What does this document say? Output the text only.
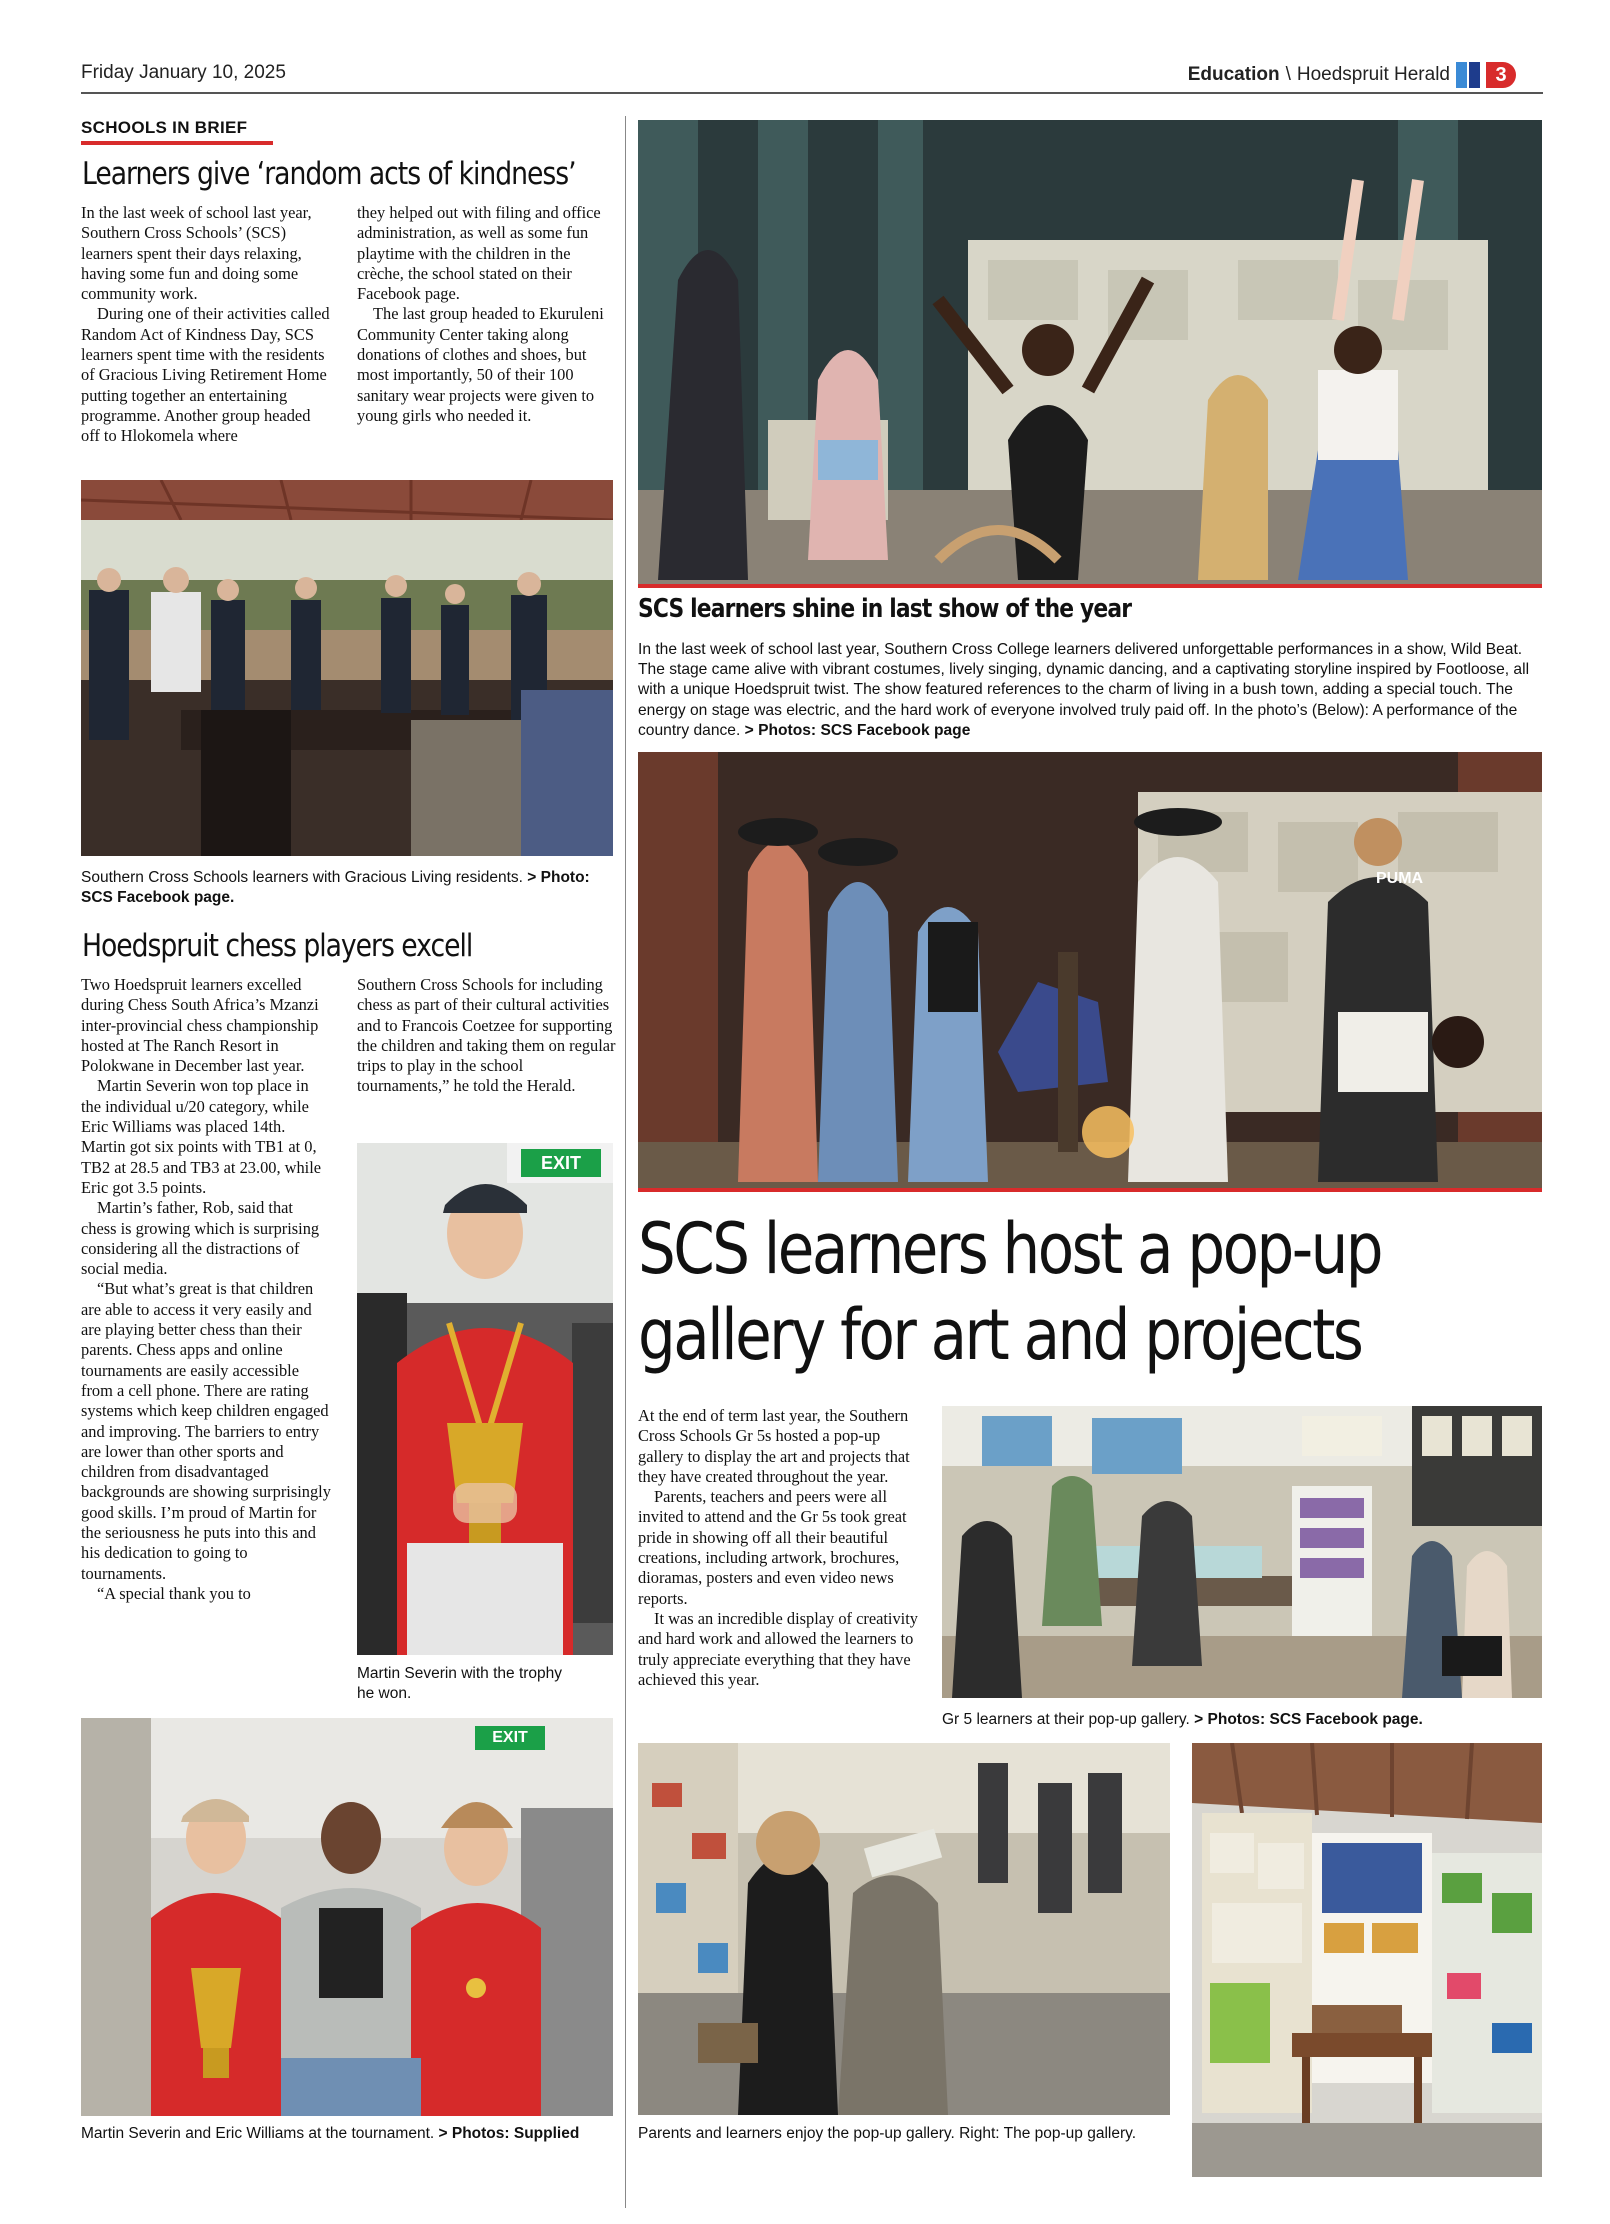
Friday January 10, 2025	Education \ Hoedspruit Herald	3
SCHOOLS IN BRIEF
Learners give ‘random acts of kindness’

In the last week of school last year, Southern Cross Schools’ (SCS) learners spent their days relaxing, having some fun and doing some community work.

During one of their activities called Random Act of Kindness Day, SCS learners spent time with the residents of Gracious Living Retirement Home putting together an entertaining programme. Another group headed off to Hlokomela where

they helped out with filing and office administration, as well as some fun playtime with the children in the crèche, the school stated on their Facebook page.

The last group headed to Ekuruleni Community Center taking along donations of clothes and shoes, but most importantly, 50 of their 100 sanitary wear projects were given to young girls who needed it.

Southern Cross Schools learners with Gracious Living residents. > Photo: SCS Facebook page.
Hoedspruit chess players excell

Two Hoedspruit learners excelled during Chess South Africa’s Mzanzi inter-provincial chess championship hosted at The Ranch Resort in Polokwane in December last year.

Martin Severin won top place in the individual u/20 category, while Eric Williams was placed 14th. Martin got six points with TB1 at 0, TB2 at 28.5 and TB3 at 23.00, while Eric got 3.5 points.

Martin’s father, Rob, said that chess is growing which is surprising considering all the distractions of social media.

“But what’s great is that children are able to access it very easily and are playing better chess than their parents. Chess apps and online tournaments are easily accessible from a cell phone. There are rating systems which keep children engaged and improving. The barriers to entry are lower than other sports and children from disadvantaged backgrounds are showing surprisingly good skills. I’m proud of Martin for the seriousness he puts into this and his dedication to going to tournaments.

“A special thank you to

Southern Cross Schools for including chess as part of their cultural activities and to Francois Coetzee for supporting the children and taking them on regular trips to play in the school tournaments,” he told the Herald.

EXIT
Martin Severin with the trophy he won.
EXIT
Martin Severin and Eric Williams at the tournament. > Photos: Supplied
SCS learners shine in last show of the year
In the last week of school last year, Southern Cross College learners delivered unforgettable performances in a show, Wild Beat. The stage came alive with vibrant costumes, lively singing, dynamic dancing, and a captivating storyline inspired by Footloose, all with a unique Hoedspruit twist. The show featured references to the charm of living in a bush town, adding a special touch. The energy on stage was electric, and the hard work of everyone involved truly paid off. In the photo’s (Below): A performance of the country dance. > Photos: SCS Facebook page
PUMA
SCS learners host a pop-up
gallery for art and projects

At the end of term last year, the Southern Cross Schools Gr 5s hosted a pop-up gallery to display the art and projects that they have created throughout the year.

Parents, teachers and peers were all invited to attend and the Gr 5s took great pride in showing off all their beautiful creations, including artwork, brochures, dioramas, posters and even video news reports.

It was an incredible display of creativity and hard work and allowed the learners to truly appreciate everything that they have achieved this year.

Gr 5 learners at their pop-up gallery. > Photos: SCS Facebook page.
Parents and learners enjoy the pop-up gallery. Right: The pop-up gallery.
